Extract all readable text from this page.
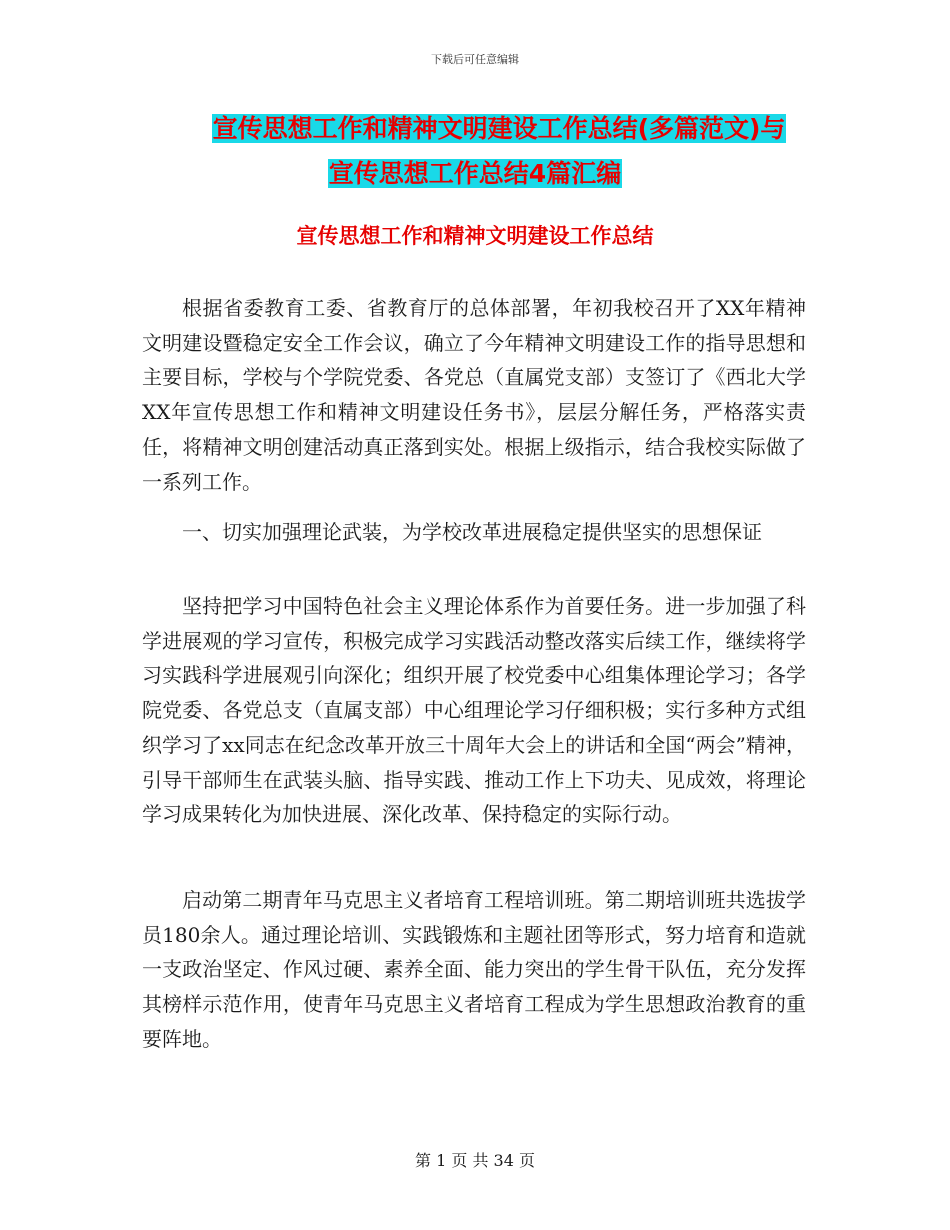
下载后可任意编辑
宣传思想工作和精神文明建设工作总结(多篇范文)与
宣传思想工作总结4篇汇编
宣传思想工作和精神文明建设工作总结

根据省委教育工委、省教育厅的总体部署，年初我校召开了XX年精神文明建设暨稳定安全工作会议，确立了今年精神文明建设工作的指导思想和主要目标，学校与个学院党委、各党总（直属党支部）支签订了《西北大学XX年宣传思想工作和精神文明建设任务书》，层层分解任务，严格落实责任，将精神文明创建活动真正落到实处。根据上级指示，结合我校实际做了一系列工作。

一、切实加强理论武装，为学校改革进展稳定提供坚实的思想保证

坚持把学习中国特色社会主义理论体系作为首要任务。进一步加强了科学进展观的学习宣传，积极完成学习实践活动整改落实后续工作，继续将学习实践科学进展观引向深化；组织开展了校党委中心组集体理论学习；各学院党委、各党总支（直属支部）中心组理论学习仔细积极；实行多种方式组织学习了xx同志在纪念改革开放三十周年大会上的讲话和全国“两会”精神，引导干部师生在武装头脑、指导实践、推动工作上下功夫、见成效，将理论学习成果转化为加快进展、深化改革、保持稳定的实际行动。

启动第二期青年马克思主义者培育工程培训班。第二期培训班共选拔学员180余人。通过理论培训、实践锻炼和主题社团等形式，努力培育和造就一支政治坚定、作风过硬、素养全面、能力突出的学生骨干队伍，充分发挥其榜样示范作用，使青年马克思主义者培育工程成为学生思想政治教育的重要阵地。

第 1 页 共 34 页
